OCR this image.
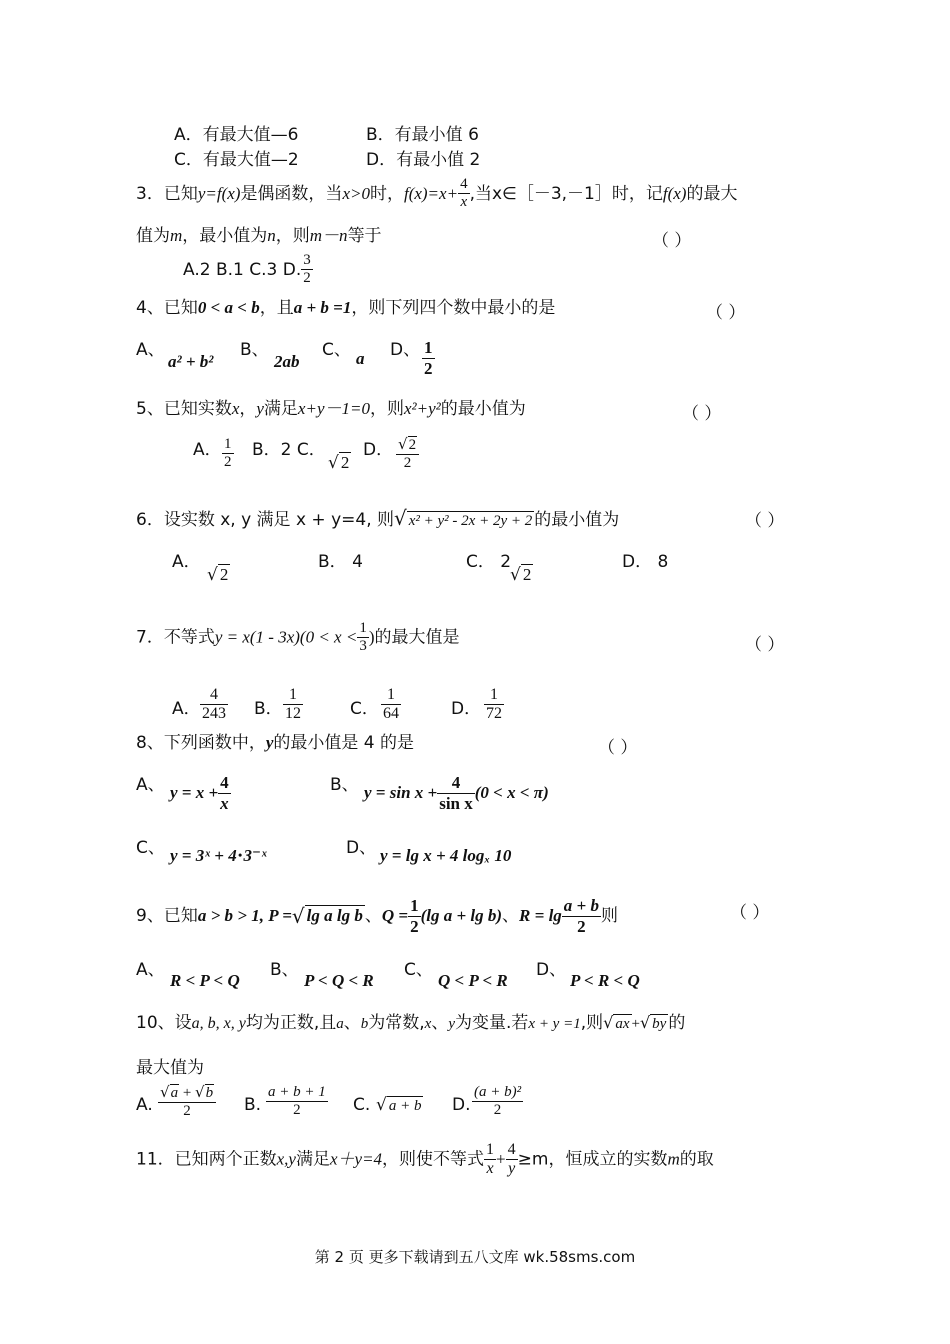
A．有最大值—6	B．有最小值 6
C．有最大值—2	D．有最小值 2
3．已知y=f(x)是偶函数，当x>0时，$f(x)=x+ \frac{4}{x}$ ,当x∈［－3,－1］时，记f(x)的最大
值为m，最小值为n，则m－n等于	（ ）
A.2 B.1 C.3 D. $\frac{3}{2}$
4、已知0 < a < b，且a + b =1，则下列四个数中最小的是	（ ）
A、
a² + b²
B、
2ab
C、 a D、 $\frac{1}{2}$
5、已知实数x，y满足x+y－1=0，则x²+y²的最小值为	（ ）
A． $\frac{1}{2}$ B．2 C．
√ 2
D． $\frac{√2}{2}$
6．设实数 x, y 满足 x + y=4, 则√ x² + y² - 2x + 2y + 2 的最小值为	（ ）
A．
√ 2
B． 4	C． 2
√ 2
D． 8
7．不等式$y = x(1 - 3x)(0 < x < \frac{1}{3}$ )的最大值是	（ ）
A． $\frac{4}{243}$ B． $\frac{1}{12}$	C． $\frac{1}{64}$	D． $\frac{1}{72}$
8、下列函数中，y的最小值是 4 的是	（ ）
A、 $y = x + \frac{4}{x}$	B、 $y = \sin x + \frac{4}{\text{sin x}} (0 < x < \pi)$
C、 y = 3ˣ + 4⋅3⁻ˣ	D、 y = lg x + 4 logₓ 10
9、已知a > b > 1, P =√ lg a lg b 、$Q = \frac{1}{2} (\lg$ a + lg b)、$R = \lg \frac{a + b}{2}$ 则	（ ）
A、
R < P < Q
B、
P < Q < R
C、
Q < P < R
D、
P < R < Q
10、设a, b, x, y均为正数,且a、b为常数,x、y为变量.若x + y =1,则√ ax +√ by 的
最大值为
A. $\frac{√a + √b}{2} B$. $\frac{a + b + 1}{2} C$. √ a + b D. $\frac{\text{(a + b)²}}{2}$
11．已知两个正数x,y满足x＋y=4，则使不等式 $\frac{1}{x} + \frac{4}{y} \ge m$，恒成立的实数m的取
第 2 页 更多下载请到五八文库 wk.58sms.com
